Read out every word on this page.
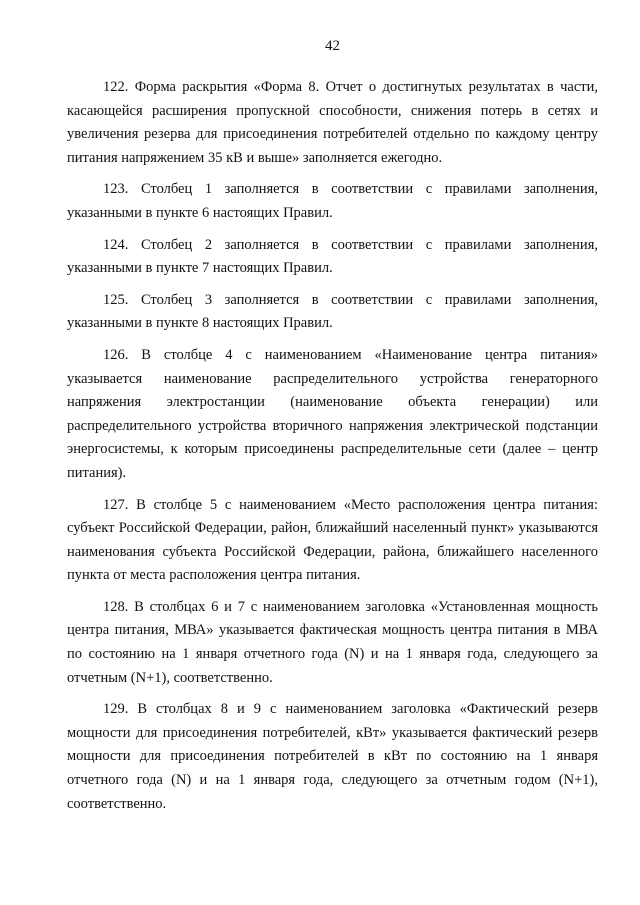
42

122. Форма раскрытия «Форма 8. Отчет о достигнутых результатах в части, касающейся расширения пропускной способности, снижения потерь в сетях и увеличения резерва для присоединения потребителей отдельно по каждому центру питания напряжением 35 кВ и выше» заполняется ежегодно.

123. Столбец 1 заполняется в соответствии с правилами заполнения, указанными в пункте 6 настоящих Правил.

124. Столбец 2 заполняется в соответствии с правилами заполнения, указанными в пункте 7 настоящих Правил.

125. Столбец 3 заполняется в соответствии с правилами заполнения, указанными в пункте 8 настоящих Правил.

126. В столбце 4 с наименованием «Наименование центра питания» указывается наименование распределительного устройства генераторного напряжения электростанции (наименование объекта генерации) или распределительного устройства вторичного напряжения электрической подстанции энергосистемы, к которым присоединены распределительные сети (далее – центр питания).

127. В столбце 5 с наименованием «Место расположения центра питания: субъект Российской Федерации, район, ближайший населенный пункт» указываются наименования субъекта Российской Федерации, района, ближайшего населенного пункта от места расположения центра питания.

128. В столбцах 6 и 7 с наименованием заголовка «Установленная мощность центра питания, МВА» указывается фактическая мощность центра питания в МВА по состоянию на 1 января отчетного года (N) и на 1 января года, следующего за отчетным (N+1), соответственно.

129. В столбцах 8 и 9 с наименованием заголовка «Фактический резерв мощности для присоединения потребителей, кВт» указывается фактический резерв мощности для присоединения потребителей в кВт по состоянию на 1 января отчетного года (N) и на 1 января года, следующего за отчетным годом (N+1), соответственно.
